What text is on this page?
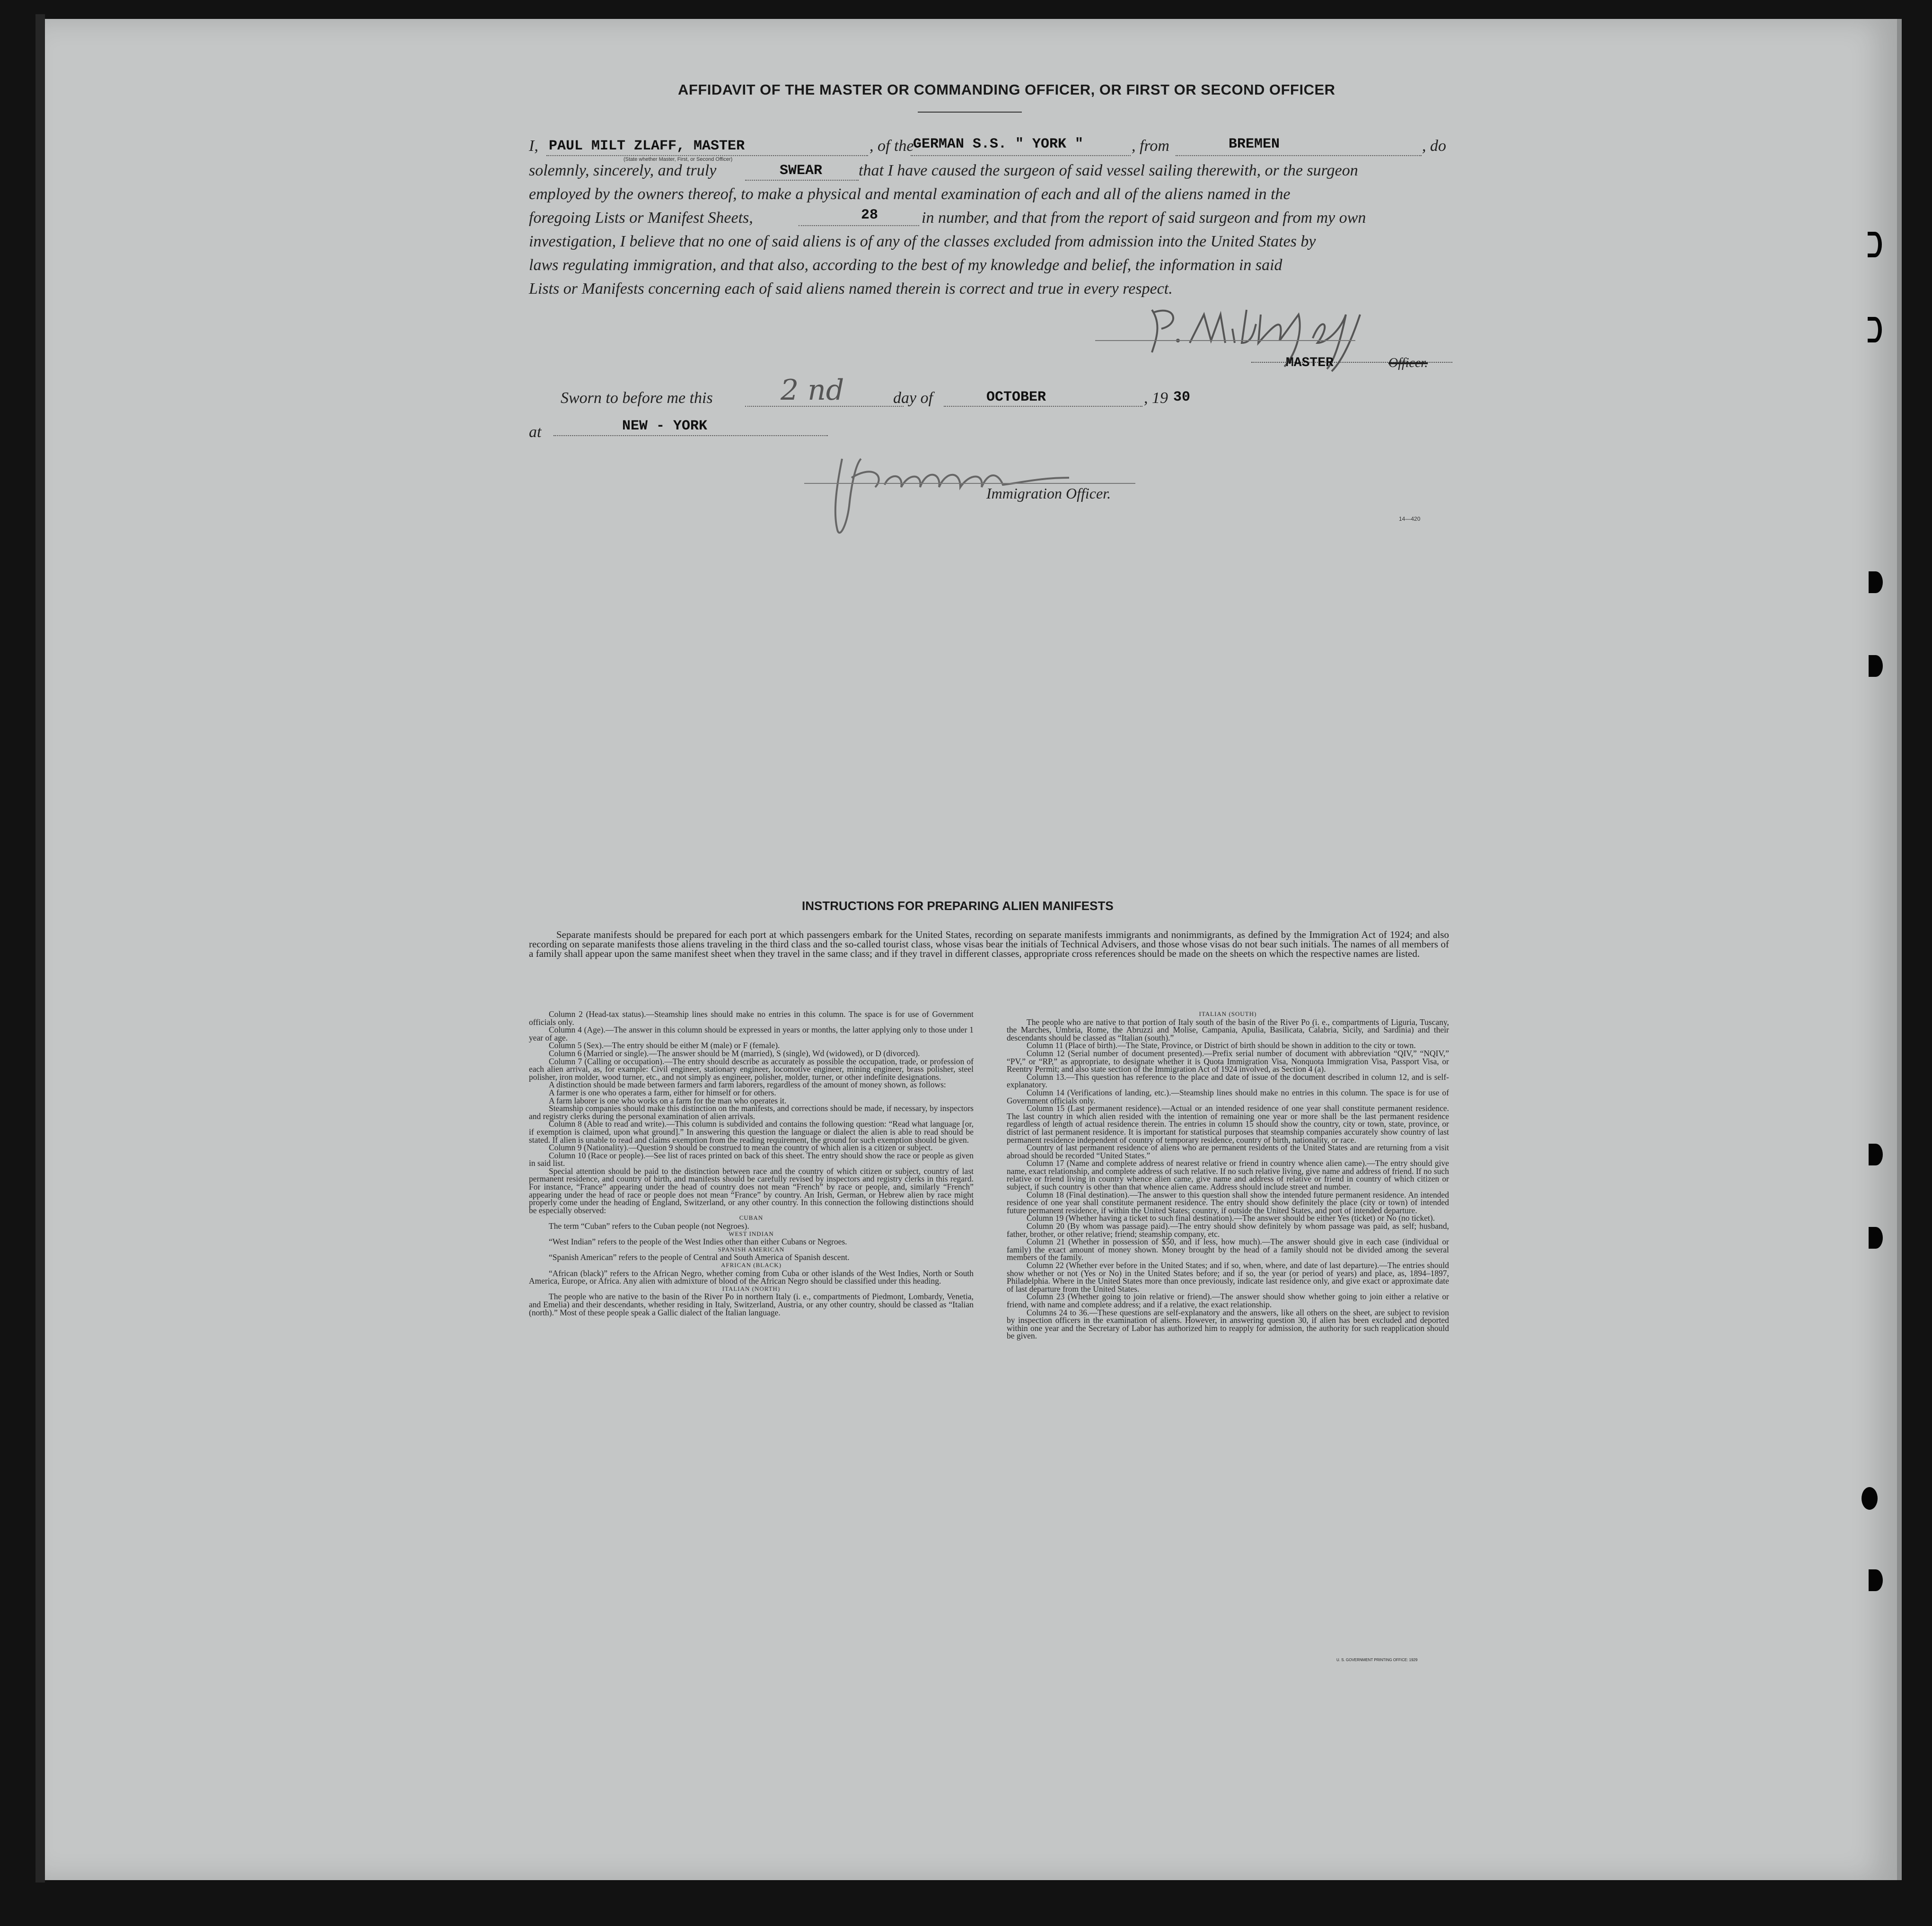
AFFIDAVIT OF THE MASTER OR COMMANDING OFFICER, OR FIRST OR SECOND OFFICER
I, PAUL MILT ZLAFF, MASTER
(State whether Master, First, or Second Officer)
, of the
GERMAN S.S. " YORK "	, from	BREMEN	, do
solemnly, sincerely, and truly	SWEAR that I have caused the surgeon of said vessel sailing therewith, or the surgeon
employed by the owners thereof, to make a physical and mental examination of each and all of the aliens named in the
foregoing Lists or Manifest Sheets,	28	in number, and that from the report of said surgeon and from my own
investigation, I believe that no one of said aliens is of any of the classes excluded from admission into the United States by
laws regulating immigration, and that also, according to the best of my knowledge and belief, the information in said
Lists or Manifests concerning each of said aliens named therein is correct and true in every respect.
MASTER	Officer.
Sworn to before me this 2 nd	day of	OCTOBER	, 19 30
at	NEW - YORK
Immigration Officer.
14—420
INSTRUCTIONS FOR PREPARING ALIEN MANIFESTS
Separate manifests should be prepared for each port at which passengers embark for the United States, recording on separate manifests immigrants and nonimmigrants, as defined by the Immigration Act of 1924; and also recording on separate manifests those aliens traveling in the third class and the so-called tourist class, whose visas bear the initials of Technical Advisers, and those whose visas do not bear such initials. The names of all members of a family shall appear upon the same manifest sheet when they travel in the same class; and if they travel in different classes, appropriate cross references should be made on the sheets on which the respective names are listed.

Column 2 (Head-tax status).—Steamship lines should make no entries in this column. The space is for use of Government officials only.

Column 4 (Age).—The answer in this column should be expressed in years or months, the latter applying only to those under 1 year of age.

Column 5 (Sex).—The entry should be either M (male) or F (female).

Column 6 (Married or single).—The answer should be M (married), S (single), Wd (widowed), or D (divorced).

Column 7 (Calling or occupation).—The entry should describe as accurately as possible the occupation, trade, or profession of each alien arrival, as, for example: Civil engineer, stationary engineer, locomotive engineer, mining engineer, brass polisher, steel polisher, iron molder, wood turner, etc., and not simply as engineer, polisher, molder, turner, or other indefinite designations.

A distinction should be made between farmers and farm laborers, regardless of the amount of money shown, as follows:

A farmer is one who operates a farm, either for himself or for others.

A farm laborer is one who works on a farm for the man who operates it.

Steamship companies should make this distinction on the manifests, and corrections should be made, if necessary, by inspectors and registry clerks during the personal examination of alien arrivals.

Column 8 (Able to read and write).—This column is subdivided and contains the following question: “Read what language [or, if exemption is claimed, upon what ground].” In answering this question the language or dialect the alien is able to read should be stated. If alien is unable to read and claims exemption from the reading requirement, the ground for such exemption should be given.

Column 9 (Nationality).—Question 9 should be construed to mean the country of which alien is a citizen or subject.

Column 10 (Race or people).—See list of races printed on back of this sheet. The entry should show the race or people as given in said list.

Special attention should be paid to the distinction between race and the country of which citizen or subject, country of last permanent residence, and country of birth, and manifests should be carefully revised by inspectors and registry clerks in this regard. For instance, “France” appearing under the head of country does not mean “French” by race or people, and, similarly “French” appearing under the head of race or people does not mean “France” by country. An Irish, German, or Hebrew alien by race might properly come under the heading of England, Switzerland, or any other country. In this connection the following distinctions should be especially observed:

CUBAN

The term “Cuban” refers to the Cuban people (not Negroes).

WEST INDIAN

“West Indian” refers to the people of the West Indies other than either Cubans or Negroes.

SPANISH AMERICAN

“Spanish American” refers to the people of Central and South America of Spanish descent.

AFRICAN (BLACK)

“African (black)” refers to the African Negro, whether coming from Cuba or other islands of the West Indies, North or South America, Europe, or Africa. Any alien with admixture of blood of the African Negro should be classified under this heading.

ITALIAN (NORTH)

The people who are native to the basin of the River Po in northern Italy (i. e., compartments of Piedmont, Lombardy, Venetia, and Emelia) and their descendants, whether residing in Italy, Switzerland, Austria, or any other country, should be classed as “Italian (north).” Most of these people speak a Gallic dialect of the Italian language.

ITALIAN (SOUTH)

The people who are native to that portion of Italy south of the basin of the River Po (i. e., compartments of Liguria, Tuscany, the Marches, Umbria, Rome, the Abruzzi and Molise, Campania, Apulia, Basilicata, Calabria, Sicily, and Sardinia) and their descendants should be classed as “Italian (south).”

Column 11 (Place of birth).—The State, Province, or District of birth should be shown in addition to the city or town.

Column 12 (Serial number of document presented).—Prefix serial number of document with abbreviation “QIV,” “NQIV,” “PV,” or “RP,” as appropriate, to designate whether it is Quota Immigration Visa, Nonquota Immigration Visa, Passport Visa, or Reentry Permit; and also state section of the Immigration Act of 1924 involved, as Section 4 (a).

Column 13.—This question has reference to the place and date of issue of the document described in column 12, and is self-explanatory.

Column 14 (Verifications of landing, etc.).—Steamship lines should make no entries in this column. The space is for use of Government officials only.

Column 15 (Last permanent residence).—Actual or an intended residence of one year shall constitute permanent residence. The last country in which alien resided with the intention of remaining one year or more shall be the last permanent residence regardless of length of actual residence therein. The entries in column 15 should show the country, city or town, state, province, or district of last permanent residence. It is important for statistical purposes that steamship companies accurately show country of last permanent residence independent of country of temporary residence, country of birth, nationality, or race.

Country of last permanent residence of aliens who are permanent residents of the United States and are returning from a visit abroad should be recorded “United States.”

Column 17 (Name and complete address of nearest relative or friend in country whence alien came).—The entry should give name, exact relationship, and complete address of such relative. If no such relative living, give name and address of friend. If no such relative or friend living in country whence alien came, give name and address of relative or friend in country of which citizen or subject, if such country is other than that whence alien came. Address should include street and number.

Column 18 (Final destination).—The answer to this question shall show the intended future permanent residence. An intended residence of one year shall constitute permanent residence. The entry should show definitely the place (city or town) of intended future permanent residence, if within the United States; country, if outside the United States, and port of intended departure.

Column 19 (Whether having a ticket to such final destination).—The answer should be either Yes (ticket) or No (no ticket).

Column 20 (By whom was passage paid).—The entry should show definitely by whom passage was paid, as self; husband, father, brother, or other relative; friend; steamship company, etc.

Column 21 (Whether in possession of $50, and if less, how much).—The answer should give in each case (individual or family) the exact amount of money shown. Money brought by the head of a family should not be divided among the several members of the family.

Column 22 (Whether ever before in the United States; and if so, when, where, and date of last departure).—The entries should show whether or not (Yes or No) in the United States before; and if so, the year (or period of years) and place, as, 1894–1897, Philadelphia. Where in the United States more than once previously, indicate last residence only, and give exact or approximate date of last departure from the United States.

Column 23 (Whether going to join relative or friend).—The answer should show whether going to join either a relative or friend, with name and complete address; and if a relative, the exact relationship.

Columns 24 to 36.—These questions are self-explanatory and the answers, like all others on the sheet, are subject to revision by inspection officers in the examination of aliens. However, in answering question 30, if alien has been excluded and deported within one year and the Secretary of Labor has authorized him to reapply for admission, the authority for such reapplication should be given.

U. S. GOVERNMENT PRINTING OFFICE: 1929
